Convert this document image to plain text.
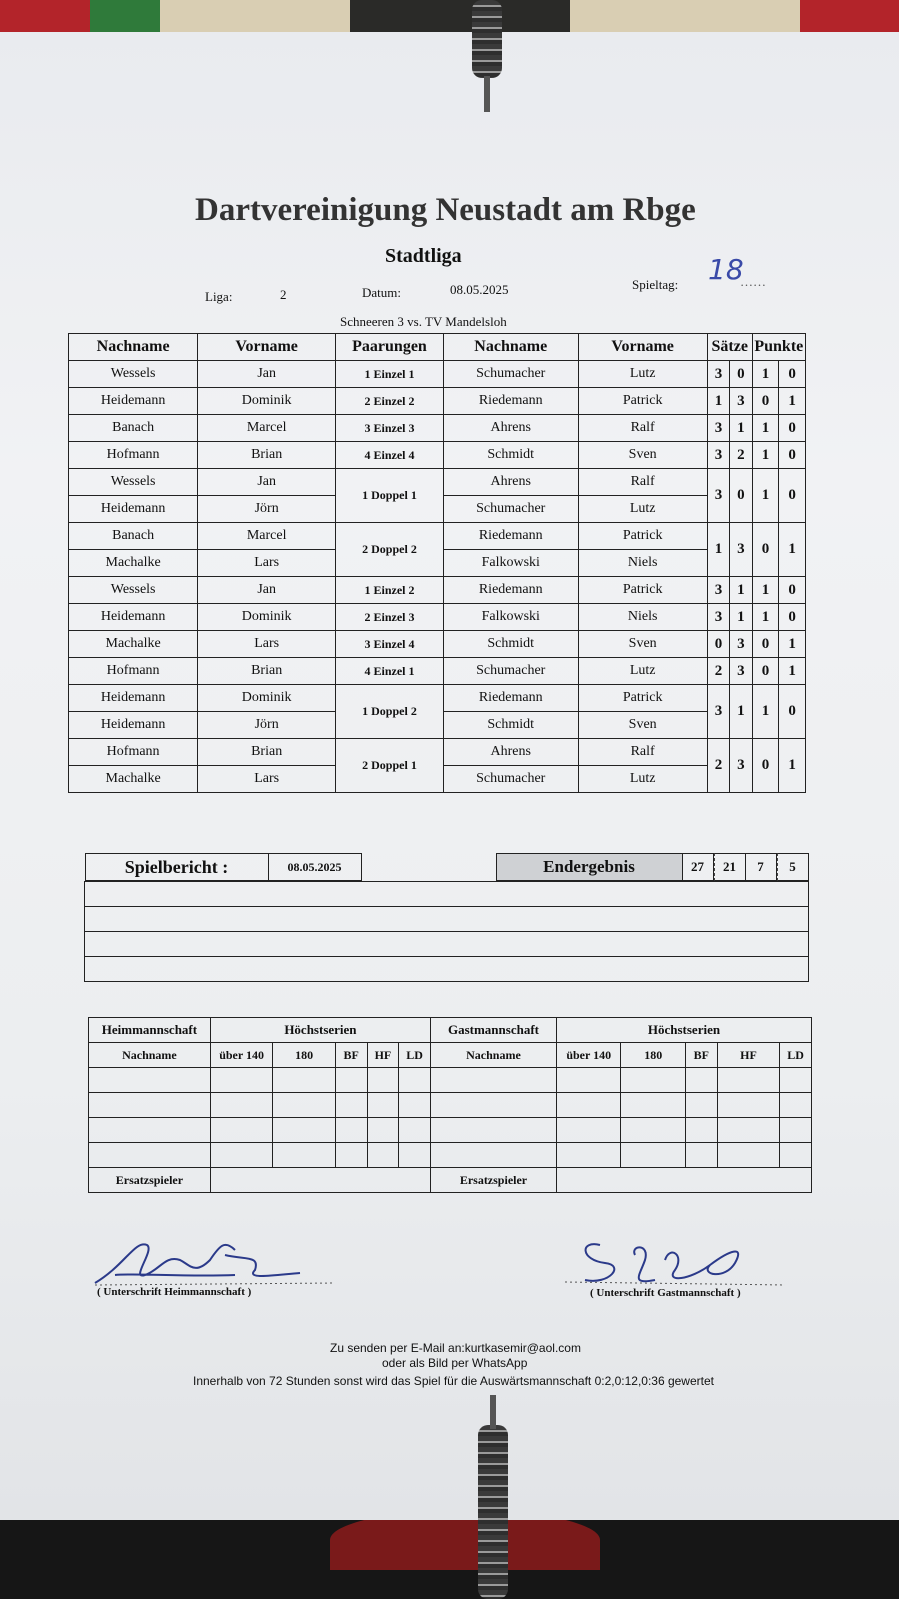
Dartvereinigung Neustadt am Rbge
Stadtliga
Liga:	2	Datum:	08.05.2025	Spieltag: 18
……
Schneeren 3 vs. TV Mandelsloh
Nachname	Vorname	Paarungen	Nachname	Vorname	Sätze		Punkte	
Wessels	Jan	1 Einzel 1	Schumacher	Lutz	3	0	1	0
Heidemann	Dominik	2 Einzel 2	Riedemann	Patrick	1	3	0	1
Banach	Marcel	3 Einzel 3	Ahrens	Ralf	3	1	1	0
Hofmann	Brian	4 Einzel 4	Schmidt	Sven	3	2	1	0
Wessels	Jan	1 Doppel 1	Ahrens	Ralf	3	0	1	0
Heidemann	Jörn		Schumacher	Lutz				
Banach	Marcel	2 Doppel 2	Riedemann	Patrick	1	3	0	1
Machalke	Lars		Falkowski	Niels				
Wessels	Jan	1 Einzel 2	Riedemann	Patrick	3	1	1	0
Heidemann	Dominik	2 Einzel 3	Falkowski	Niels	3	1	1	0
Machalke	Lars	3 Einzel 4	Schmidt	Sven	0	3	0	1
Hofmann	Brian	4 Einzel 1	Schumacher	Lutz	2	3	0	1
Heidemann	Dominik	1 Doppel 2	Riedemann	Patrick	3	1	1	0
Heidemann	Jörn		Schmidt	Sven				
Hofmann	Brian	2 Doppel 1	Ahrens	Ralf	2	3	0	1
Machalke	Lars		Schumacher	Lutz				
Spielbericht :	08.05.2025	Endergebnis	27	21	7	5

Heimmannschaft	Höchstserien					Gastmannschaft	Höchstserien				
Nachname	über 140	180	BF	HF	LD	Nachname	über 140	180	BF	HF	LD

Ersatzspieler						Ersatzspieler					
( Unterschrift Heimmannschaft )	( Unterschrift Gastmannschaft )
Zu senden per E-Mail an:kurtkasemir@aol.com
oder als Bild per WhatsApp
Innerhalb von 72 Stunden sonst wird das Spiel für die Auswärtsmannschaft 0:2,0:12,0:36 gewertet
